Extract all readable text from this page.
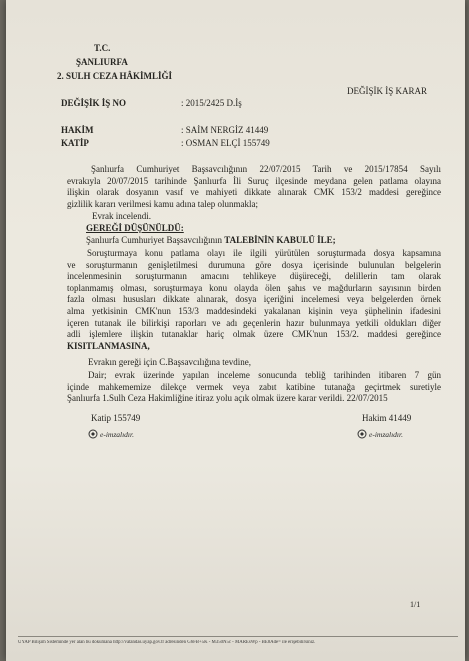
T.C.
ŞANLIURFA
2. SULH CEZA HÂKİMLİĞİ
DEĞİŞİK İŞ KARAR
DEĞİŞİK İŞ NO	: 2015/2425 D.İş
HAKİM	: SAİM NERGİZ 41449
KATİP	: OSMAN ELÇİ 155749

Şanlıurfa Cumhuriyet Başsavcılığının 22/07/2015 Tarih ve 2015/17854 Sayılı

evrakıyla 20/07/2015 tarihinde Şanlıurfa İli Suruç ilçesinde meydana gelen patlama olayına

ilişkin olarak dosyanın vasıf ve mahiyeti dikkate alınarak CMK 153/2 maddesi gereğince

gizlilik kararı verilmesi kamu adına talep olunmakla;

Evrak incelendi.
GEREĞİ DÜŞÜNÜLDÜ:
Şanlıurfa Cumhuriyet Başsavcılığının TALEBİNİN KABULÜ İLE;

Soruşturmaya konu patlama olayı ile ilgili yürütülen soruşturmada dosya kapsamına

ve soruşturmanın genişletilmesi durumuna göre dosya içerisinde bulunulan belgelerin

incelenmesinin soruşturmanın amacını tehlikeye düşüreceği, delillerin tam olarak

toplanmamış olması, soruşturmaya konu olayda ölen şahıs ve mağdurların sayısının birden

fazla olması hususları dikkate alınarak, dosya içeriğini incelemesi veya belgelerden örnek

alma yetkisinin CMK'nun 153/3 maddesindeki yakalanan kişinin veya şüphelinin ifadesini

içeren tutanak ile bilirkişi raporları ve adı geçenlerin hazır bulunmaya yetkili oldukları diğer

adli işlemlere ilişkin tutanaklar hariç olmak üzere CMK'nun 153/2. maddesi gereğince

KISITLANMASINA,

Evrakın gereği için C.Başsavcılığına tevdine,

Dair; evrak üzerinde yapılan inceleme sonucunda tebliğ tarihinden itibaren 7 gün

içinde mahkememize dilekçe vermek veya zabıt katibine tutanağa geçirtmek suretiyle

Şanlıurfa 1.Sulh Ceza Hakimliğine itiraz yolu açık olmak üzere karar verildi. 22/07/2015

Katip 155749
e-imzalıdır.
Hakim 41449
e-imzalıdır.
1/1
UYAP Bilişim Sisteminde yer alan bu dokümana http://vatandas.uyap.gov.tr adresinden G6FB+5K - M350N5c - MAREsWp - BE8Ade= ile erişebilirsiniz.
